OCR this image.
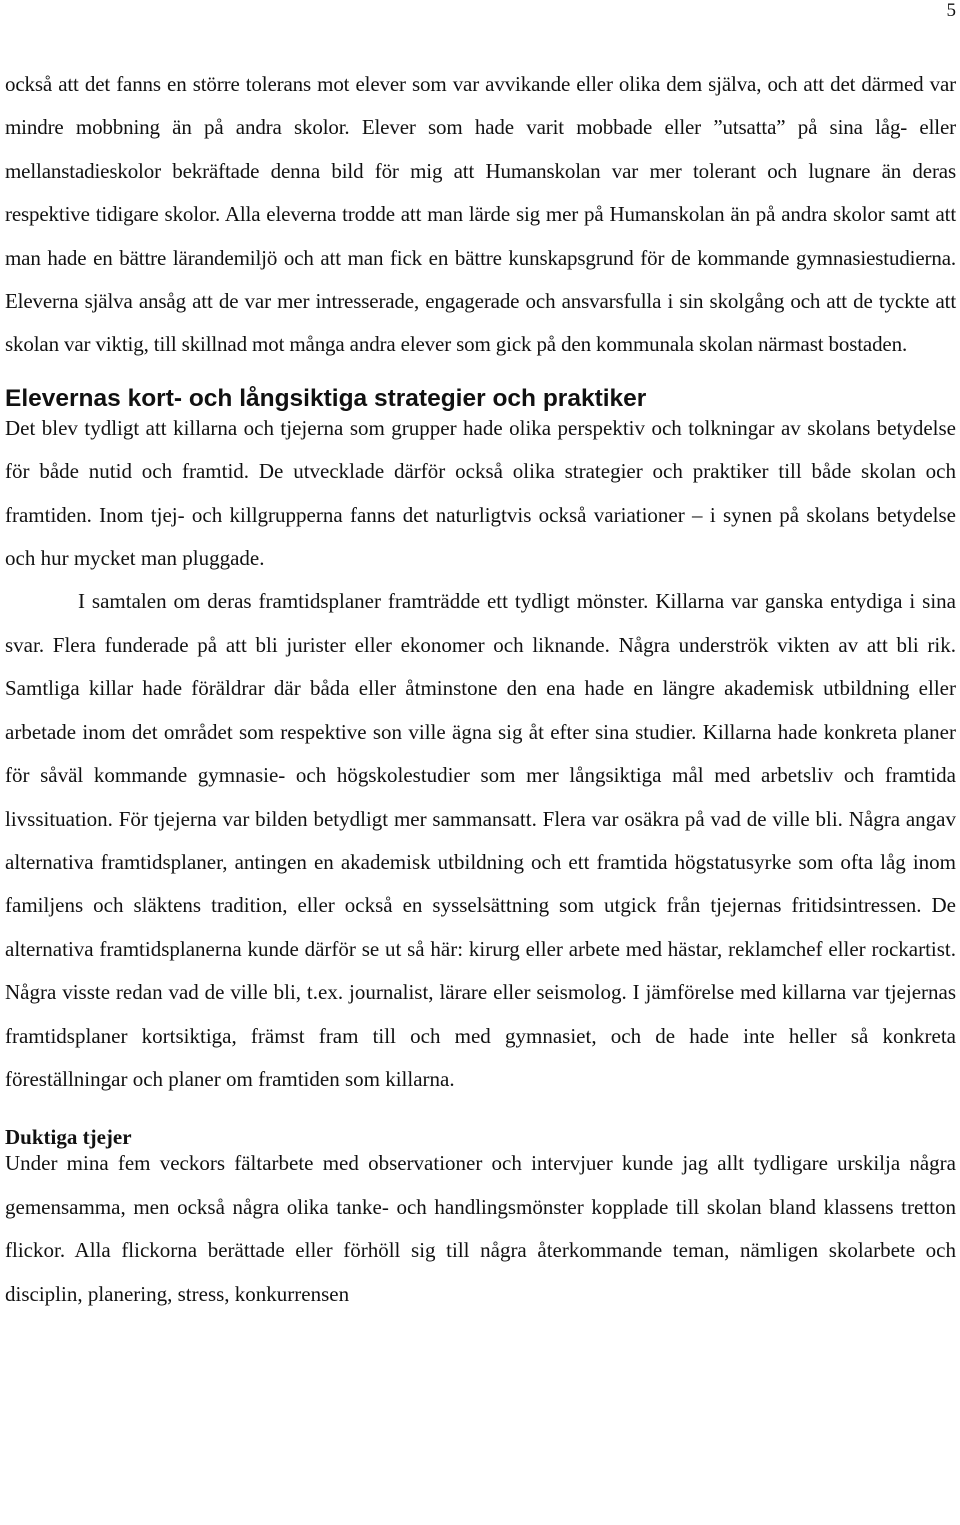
5

också att det fanns en större tolerans mot elever som var avvikande eller olika dem själva, och att det därmed var mindre mobbning än på andra skolor. Elever som hade varit mobbade eller ”utsatta” på sina låg- eller mellanstadieskolor bekräftade denna bild för mig att Humanskolan var mer tolerant och lugnare än deras respektive tidigare skolor. Alla eleverna trodde att man lärde sig mer på Humanskolan än på andra skolor samt att man hade en bättre lärandemiljö och att man fick en bättre kunskapsgrund för de kommande gymnasiestudierna. Eleverna själva ansåg att de var mer intresserade, engagerade och ansvarsfulla i sin skolgång och att de tyckte att skolan var viktig, till skillnad mot många andra elever som gick på den kommunala skolan närmast bostaden.

Elevernas kort- och långsiktiga strategier och praktiker

Det blev tydligt att killarna och tjejerna som grupper hade olika perspektiv och tolkningar av skolans betydelse för både nutid och framtid. De utvecklade därför också olika strategier och praktiker till både skolan och framtiden. Inom tjej- och killgrupperna fanns det naturligtvis också variationer – i synen på skolans betydelse och hur mycket man pluggade.

I samtalen om deras framtidsplaner framträdde ett tydligt mönster. Killarna var ganska entydiga i sina svar. Flera funderade på att bli jurister eller ekonomer och liknande. Några underströk vikten av att bli rik. Samtliga killar hade föräldrar där båda eller åtminstone den ena hade en längre akademisk utbildning eller arbetade inom det området som respektive son ville ägna sig åt efter sina studier. Killarna hade konkreta planer för såväl kommande gymnasie- och högskolestudier som mer långsiktiga mål med arbetsliv och framtida livssituation. För tjejerna var bilden betydligt mer sammansatt. Flera var osäkra på vad de ville bli. Några angav alternativa framtidsplaner, antingen en akademisk utbildning och ett framtida högstatusyrke som ofta låg inom familjens och släktens tradition, eller också en sysselsättning som utgick från tjejernas fritidsintressen. De alternativa framtidsplanerna kunde därför se ut så här: kirurg eller arbete med hästar, reklamchef eller rockartist. Några visste redan vad de ville bli, t.ex. journalist, lärare eller seismolog. I jämförelse med killarna var tjejernas framtidsplaner kortsiktiga, främst fram till och med gymnasiet, och de hade inte heller så konkreta föreställningar och planer om framtiden som killarna.

Duktiga tjejer

Under mina fem veckors fältarbete med observationer och intervjuer kunde jag allt tydligare urskilja några gemensamma, men också några olika tanke- och handlingsmönster kopplade till skolan bland klassens tretton flickor. Alla flickorna berättade eller förhöll sig till några återkommande teman, nämligen skolarbete och disciplin, planering, stress, konkurrensen
